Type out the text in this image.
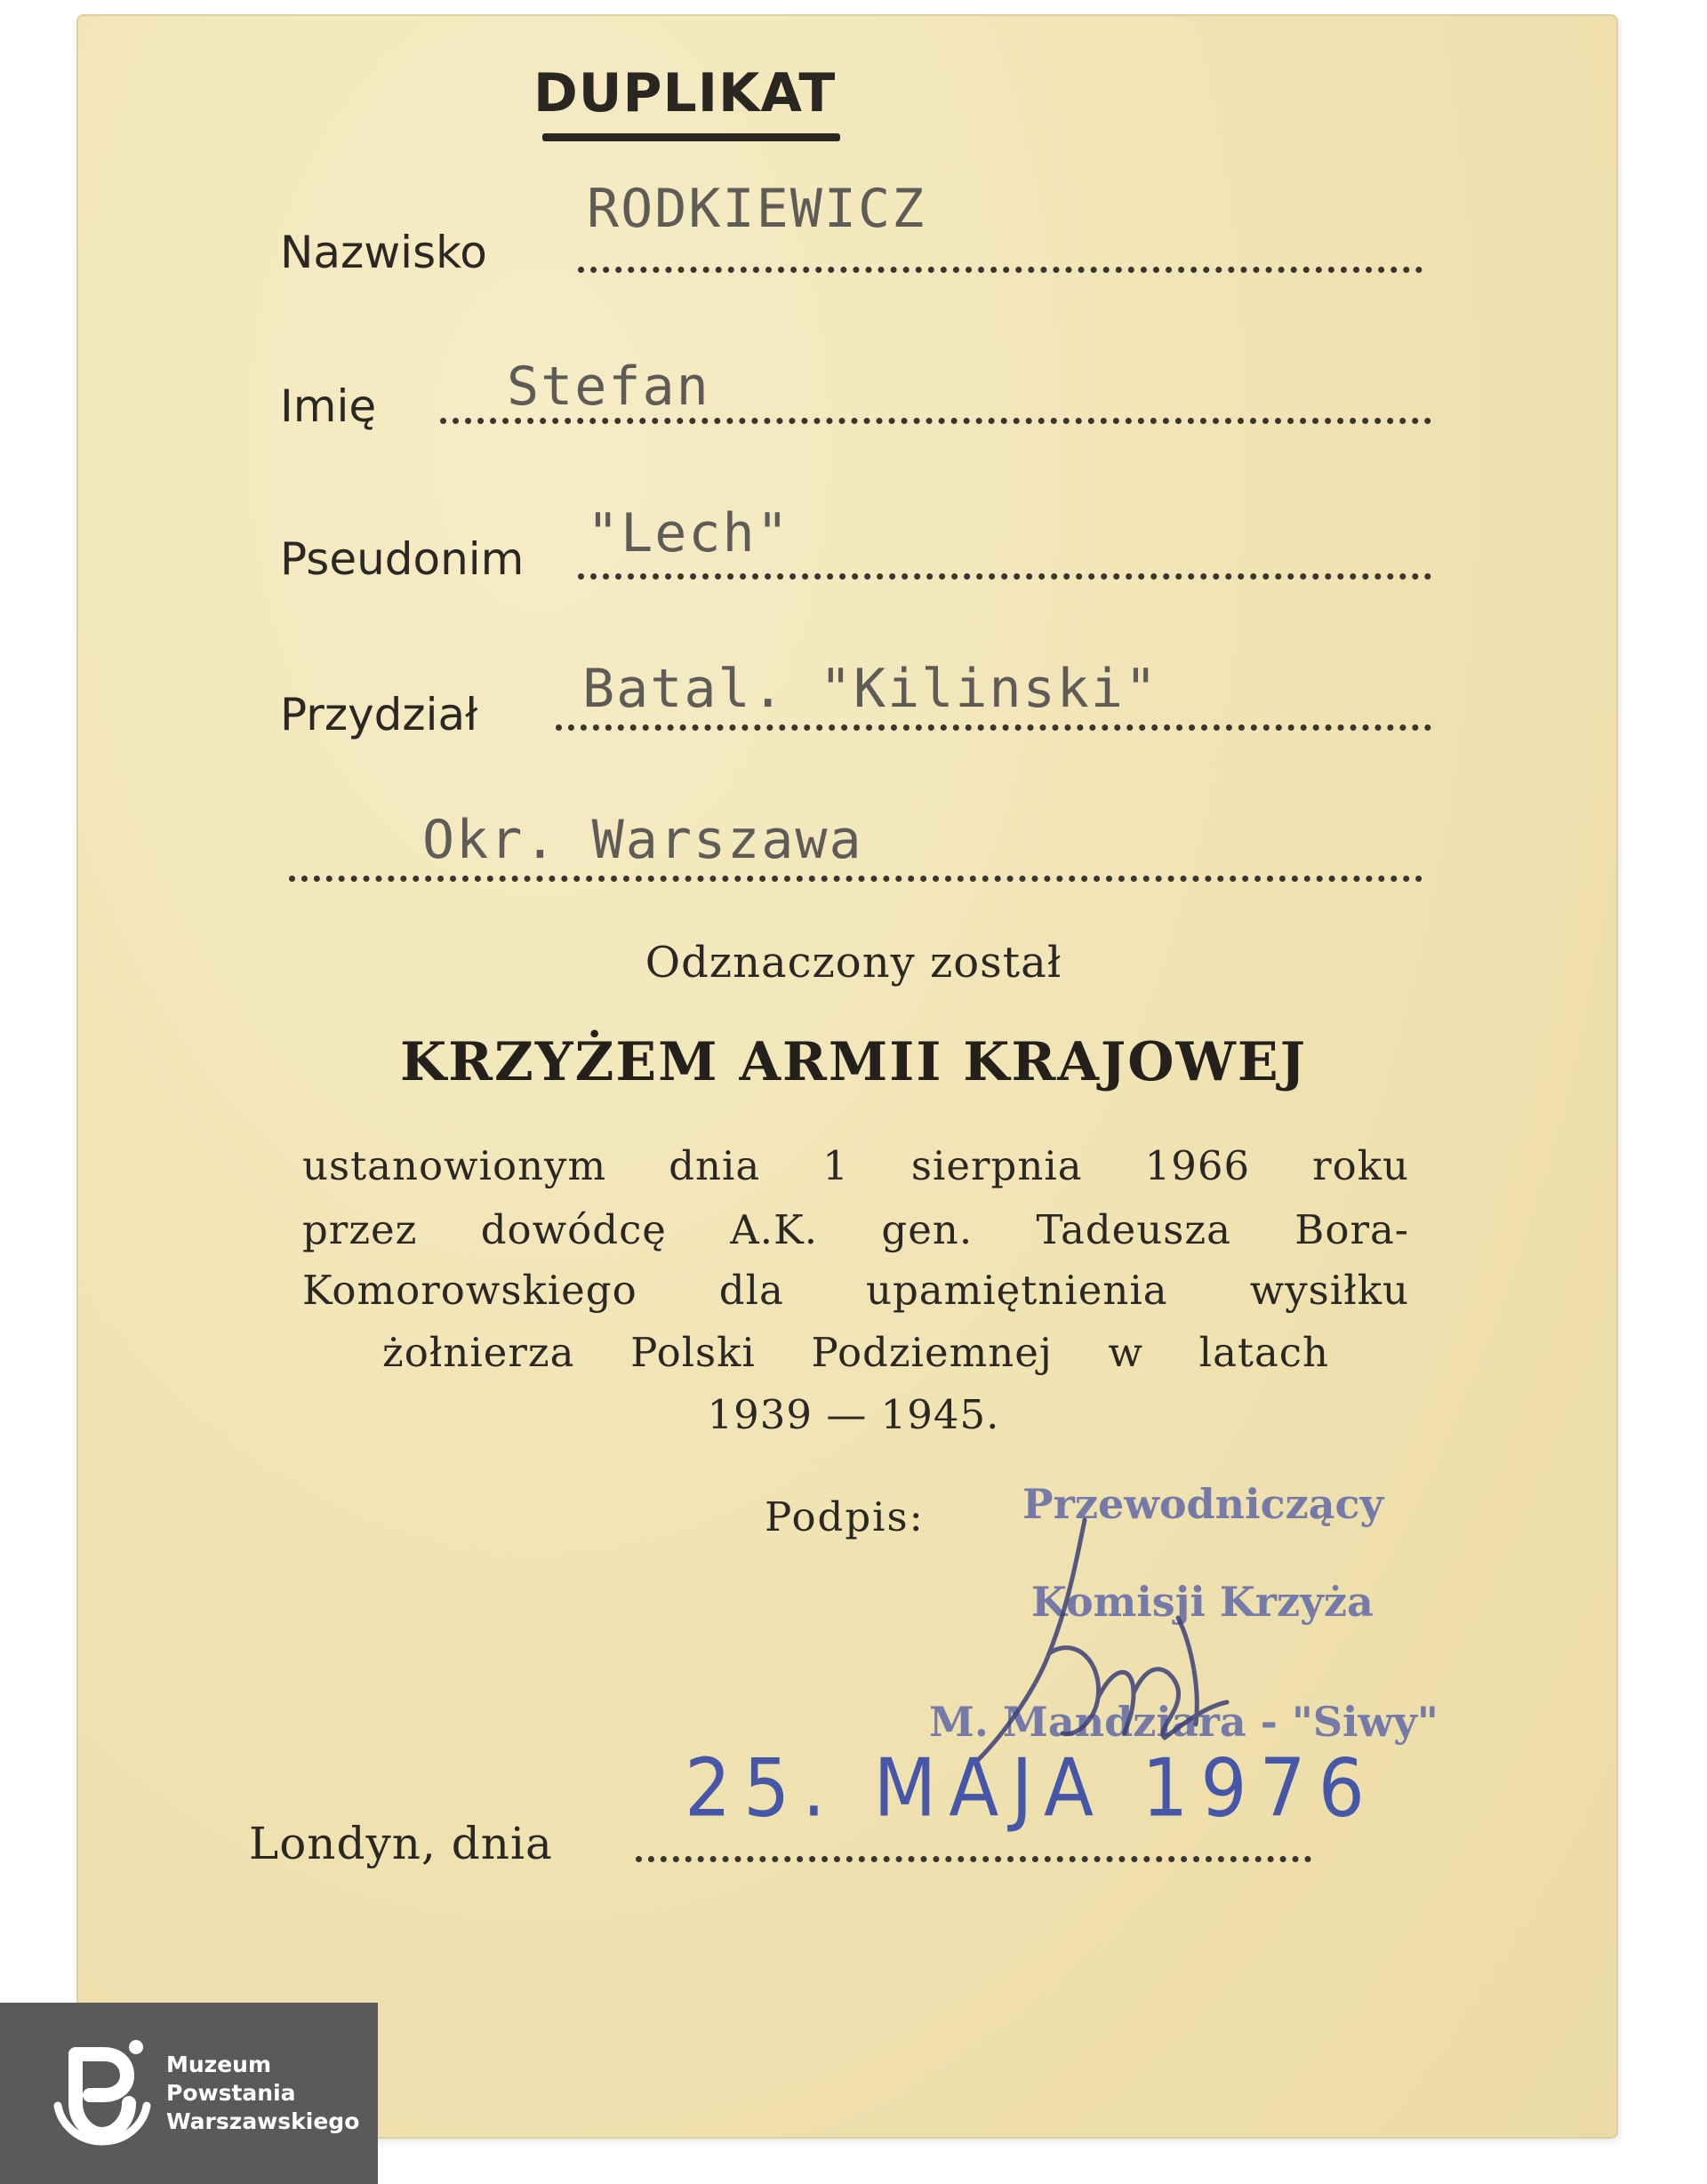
DUPLIKAT
RODKIEWICZ
Nazwisko
Stefan
Imię
"Lech"
Pseudonim
Batal. "Kilinski"
Przydział
Okr. Warszawa
Odznaczony został
KRZYŻEM ARMII KRAJOWEJ
ustanowionym dnia 1 sierpnia 1966 roku
przez dowódcę A.K. gen. Tadeusza Bora-
Komorowskiego dla upamiętnienia wysiłku
żołnierza Polski Podziemnej w latach
1939 — 1945.
Podpis: Przewodniczący
Komisji Krzyża
M. Mandziara - "Siwy"
25. MAJA 1976
Londyn, dnia
Muzeum
Powstania
Warszawskiego
